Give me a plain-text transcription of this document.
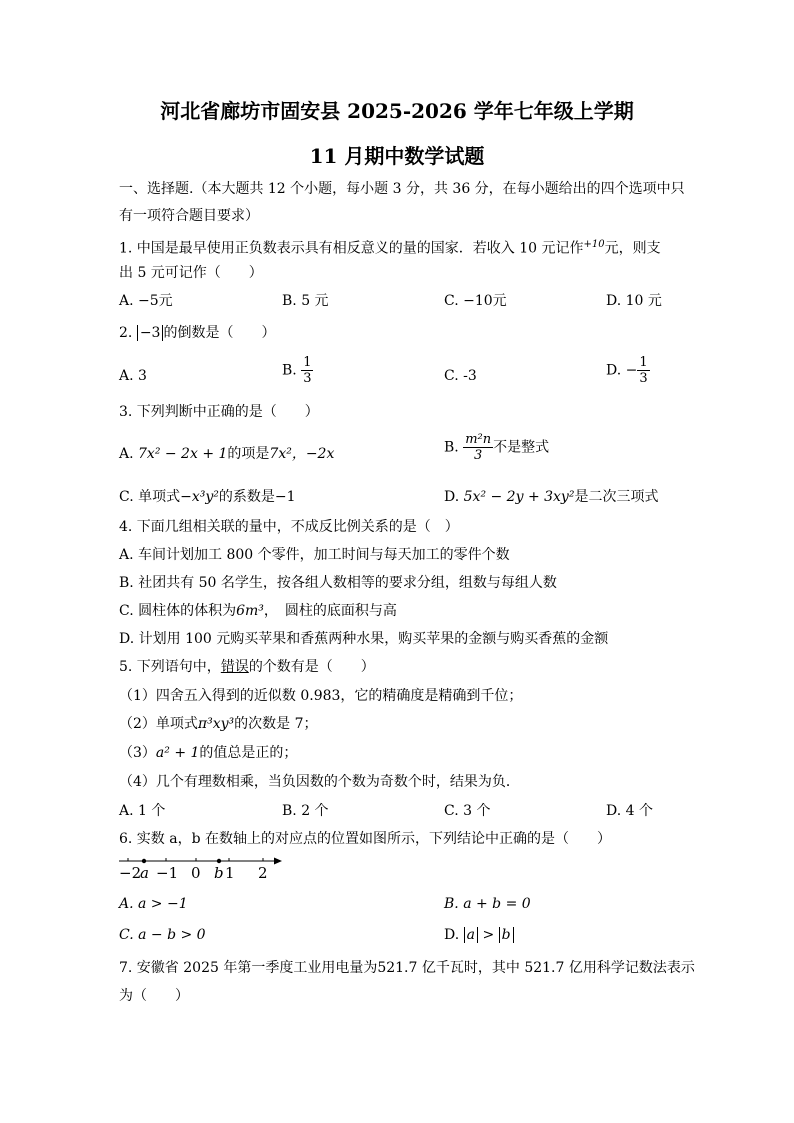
河北省廊坊市固安县 2025-2026 学年七年级上学期
11 月期中数学试题
一、选择题.（本大题共 12 个小题，每小题 3 分，共 36 分，在每小题给出的四个选项中只
有一项符合题目要求）
1. 中国是最早使用正负数表示具有相反意义的量的国家．若收入 10 元记作$^{+10}$元，则支
出 5 元可记作（　　）
A. −5元	B. 5 元	C. −10元	D. 10 元
2. −3 的倒数是（　　）
A. 3	B. $\frac{1}{3}$	C. -3	D. − $\frac{1}{3}$
3. 下列判断中正确的是（　　）
A. 7x² − 2x + 1的项是7x²，−2x	B. $\frac{\text{m²n}}{3}$ 不是整式
C. 单项式−x³y²的系数是−1	D. 5x² − 2y + 3xy²是二次三项式
4. 下面几组相关联的量中，不成反比例关系的是（　）
A. 车间计划加工 800 个零件，加工时间与每天加工的零件个数
B. 社团共有 50 名学生，按各组人数相等的要求分组，组数与每组人数
C. 圆柱体的体积为6m³，　圆柱的底面积与高
D. 计划用 100 元购买苹果和香蕉两种水果，购买苹果的金额与购买香蕉的金额
5. 下列语句中，错误的个数有是（　　）
（1）四舍五入得到的近似数 0.983，它的精确度是精确到千位；
（2）单项式π³xy³的次数是 7；
（3）a² + 1的值总是正的；
（4）几个有理数相乘，当负因数的个数为奇数个时，结果为负．
A. 1 个	B. 2 个	C. 3 个	D. 4 个
6. 实数 a，b 在数轴上的对应点的位置如图所示，下列结论中正确的是（　　）
−2
a −1 0 b 1 2
A. a > −1	B. a + b = 0
C. a − b > 0	D. a > b
7. 安徽省 2025 年第一季度工业用电量为521.7 亿千瓦时，其中 521.7 亿用科学记数法表示
为（　　）
